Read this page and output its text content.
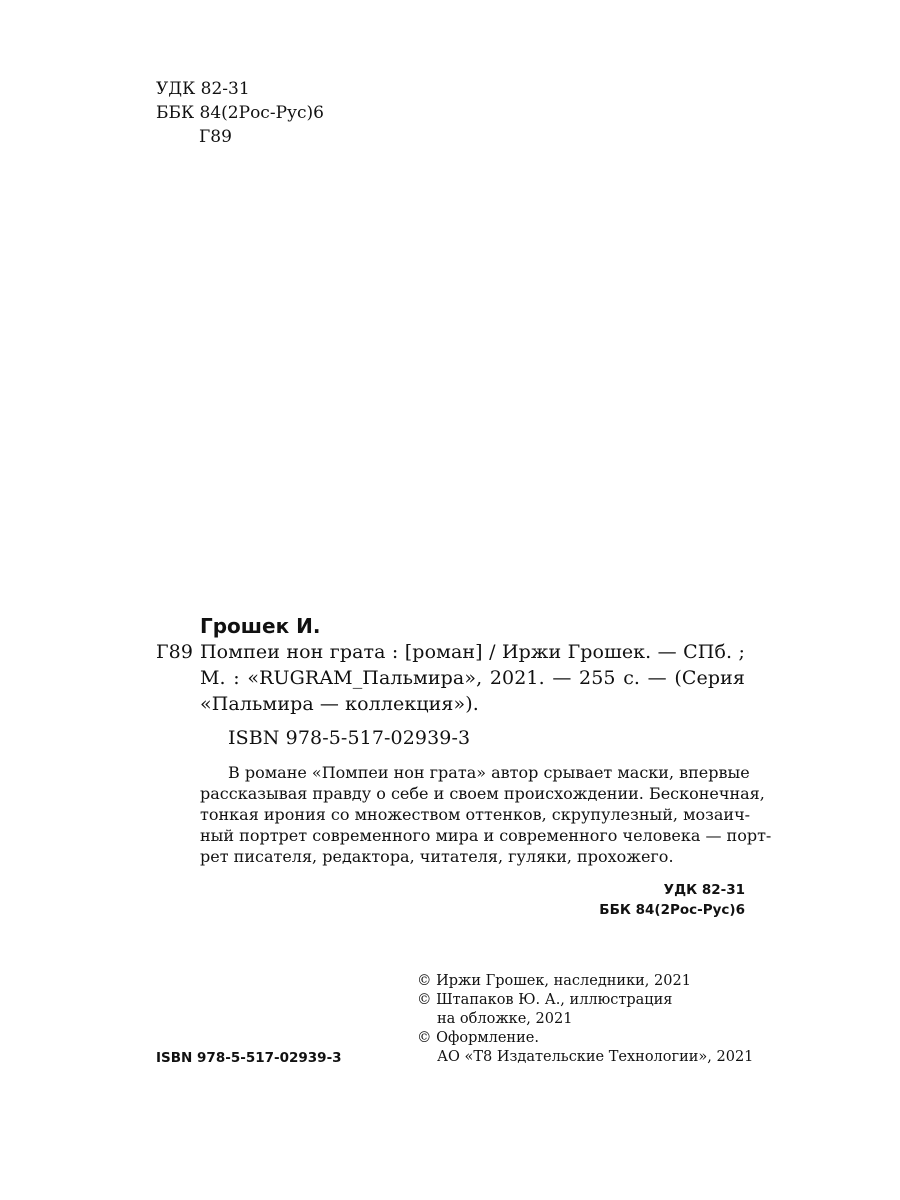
УДК 82-31
ББК 84(2Рос-Рус)6
Г89
Грошек И.
Г89 Помпеи нон грата : [роман] / Иржи Грошек. — СПб. ;
М. : «RUGRAM_Пальмира», 2021. — 255 с. — (Серия
«Пальмира — коллекция»).
ISBN 978-5-517-02939-3
В романе «Помпеи нон грата» автор срывает маски, впервые
рассказывая правду о себе и своем происхождении. Бесконечная,
тонкая ирония со множеством оттенков, скрупулезный, мозаич-
ный портрет современного мира и современного человека — порт-
рет писателя, редактора, читателя, гуляки, прохожего.
УДК 82-31
ББК 84(2Рос-Рус)6
ISBN 978-5-517-02939-3
© Иржи Грошек, наследники, 2021
© Штапаков Ю. А., иллюстрация
на обложке, 2021
© Оформление.
АО «Т8 Издательские Технологии», 2021
